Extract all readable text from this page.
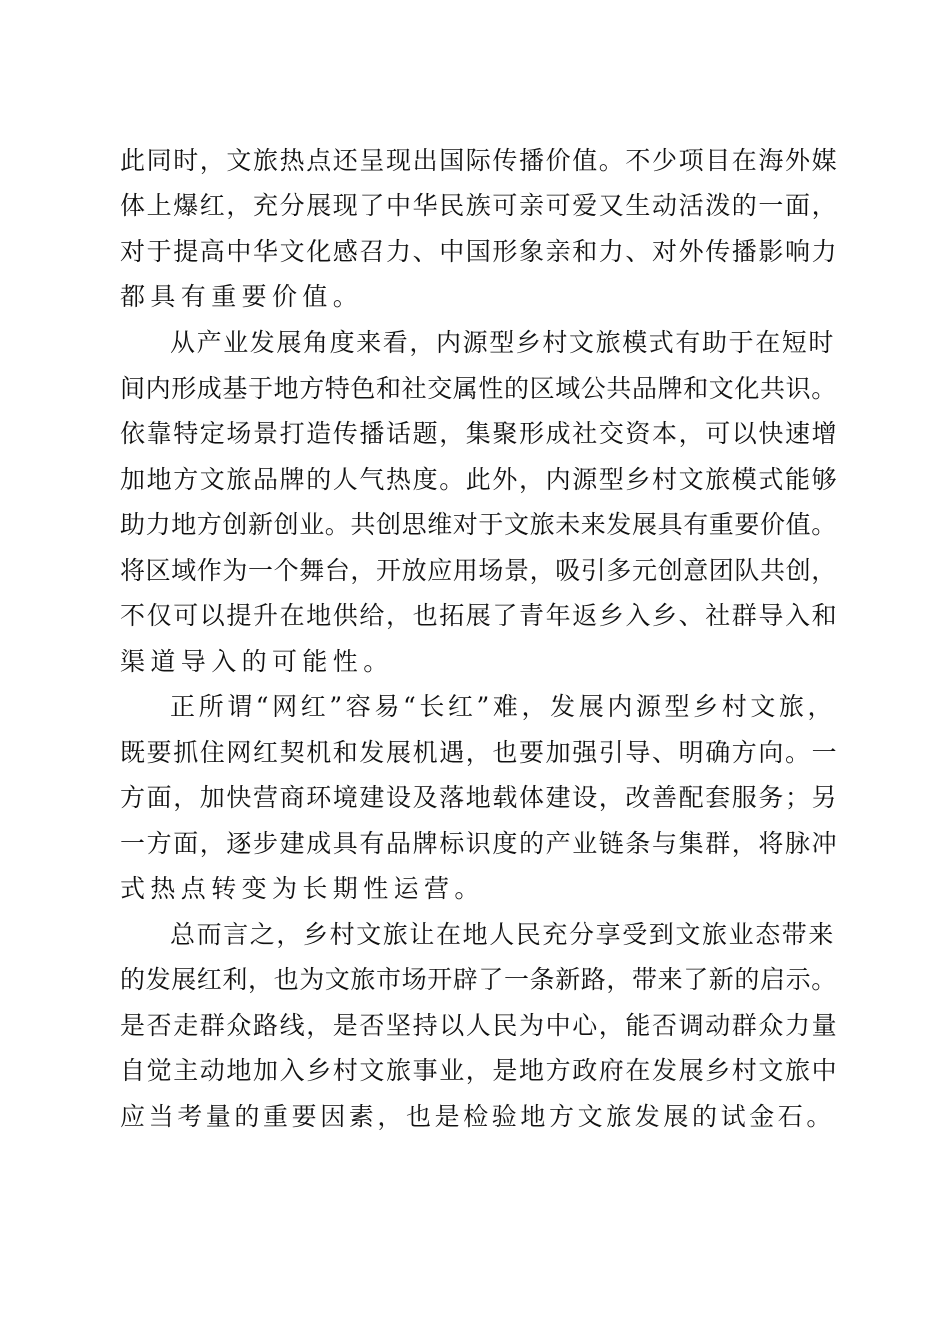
此同时，文旅热点还呈现出国际传播价值。不少项目在海外媒
体上爆红，充分展现了中华民族可亲可爱又生动活泼的一面，
对于提高中华文化感召力、中国形象亲和力、对外传播影响力
都具有重要价值。
从产业发展角度来看，内源型乡村文旅模式有助于在短时
间内形成基于地方特色和社交属性的区域公共品牌和文化共识。
依靠特定场景打造传播话题，集聚形成社交资本，可以快速增
加地方文旅品牌的人气热度。此外，内源型乡村文旅模式能够
助力地方创新创业。共创思维对于文旅未来发展具有重要价值。
将区域作为一个舞台，开放应用场景，吸引多元创意团队共创，
不仅可以提升在地供给，也拓展了青年返乡入乡、社群导入和
渠道导入的可能性。
正所谓“网红”容易“长红”难，发展内源型乡村文旅，
既要抓住网红契机和发展机遇，也要加强引导、明确方向。一
方面，加快营商环境建设及落地载体建设，改善配套服务；另
一方面，逐步建成具有品牌标识度的产业链条与集群，将脉冲
式热点转变为长期性运营。
总而言之，乡村文旅让在地人民充分享受到文旅业态带来
的发展红利，也为文旅市场开辟了一条新路，带来了新的启示。
是否走群众路线，是否坚持以人民为中心，能否调动群众力量
自觉主动地加入乡村文旅事业，是地方政府在发展乡村文旅中
应当考量的重要因素，也是检验地方文旅发展的试金石。
